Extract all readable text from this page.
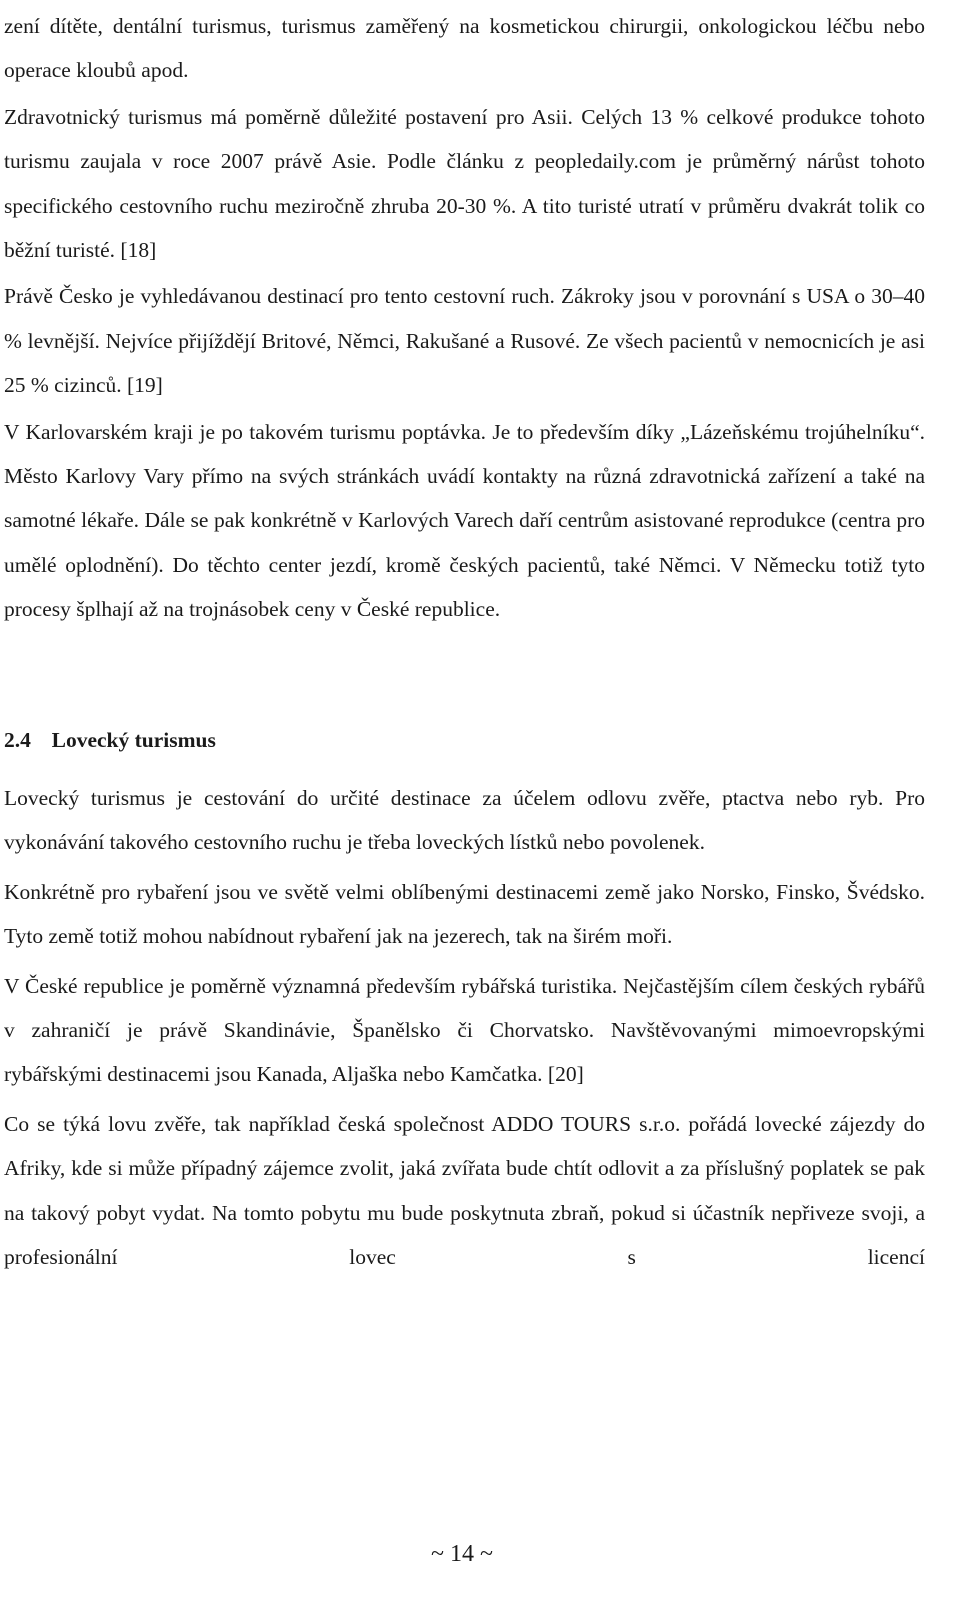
zení dítěte, dentální turismus, turismus zaměřený na kosmetickou chirurgii, onkologickou léčbu nebo operace kloubů apod.

Zdravotnický turismus má poměrně důležité postavení pro Asii. Celých 13 % celkové produkce tohoto turismu zaujala v roce 2007 právě Asie. Podle článku z peopledaily.com je průměrný nárůst tohoto specifického cestovního ruchu meziročně zhruba 20-30 %. A tito turisté utratí v průměru dvakrát tolik co běžní turisté. [18]

Právě Česko je vyhledávanou destinací pro tento cestovní ruch. Zákroky jsou v porovnání s USA o 30–40 % levnější. Nejvíce přijíždějí Britové, Němci, Rakušané a Rusové. Ze všech pacientů v nemocnicích je asi 25 % cizinců. [19]

V Karlovarském kraji je po takovém turismu poptávka. Je to především díky „Lázeňskému trojúhelníku“. Město Karlovy Vary přímo na svých stránkách uvádí kontakty na různá zdravotnická zařízení a také na samotné lékaře. Dále se pak konkrétně v Karlových Varech daří centrům asistované reprodukce (centra pro umělé oplodnění). Do těchto center jezdí, kromě českých pacientů, také Němci. V Německu totiž tyto procesy šplhají až na trojnásobek ceny v České republice.

2.4 Lovecký turismus

Lovecký turismus je cestování do určité destinace za účelem odlovu zvěře, ptactva nebo ryb. Pro vykonávání takového cestovního ruchu je třeba loveckých lístků nebo povolenek.

Konkrétně pro rybaření jsou ve světě velmi oblíbenými destinacemi země jako Norsko, Finsko, Švédsko. Tyto země totiž mohou nabídnout rybaření jak na jezerech, tak na širém moři.

V České republice je poměrně významná především rybářská turistika. Nejčastějším cílem českých rybářů v zahraničí je právě Skandinávie, Španělsko či Chorvatsko. Navštěvovanými mimoevropskými rybářskými destinacemi jsou Kanada, Aljaška nebo Kamčatka. [20]

Co se týká lovu zvěře, tak například česká společnost ADDO TOURS s.r.o. pořádá lovecké zájezdy do Afriky, kde si může případný zájemce zvolit, jaká zvířata bude chtít odlovit a za příslušný poplatek se pak na takový pobyt vydat. Na tomto pobytu mu bude poskytnuta zbraň, pokud si účastník nepřiveze svoji, a profesionální lovec s licencí

~ 14 ~
